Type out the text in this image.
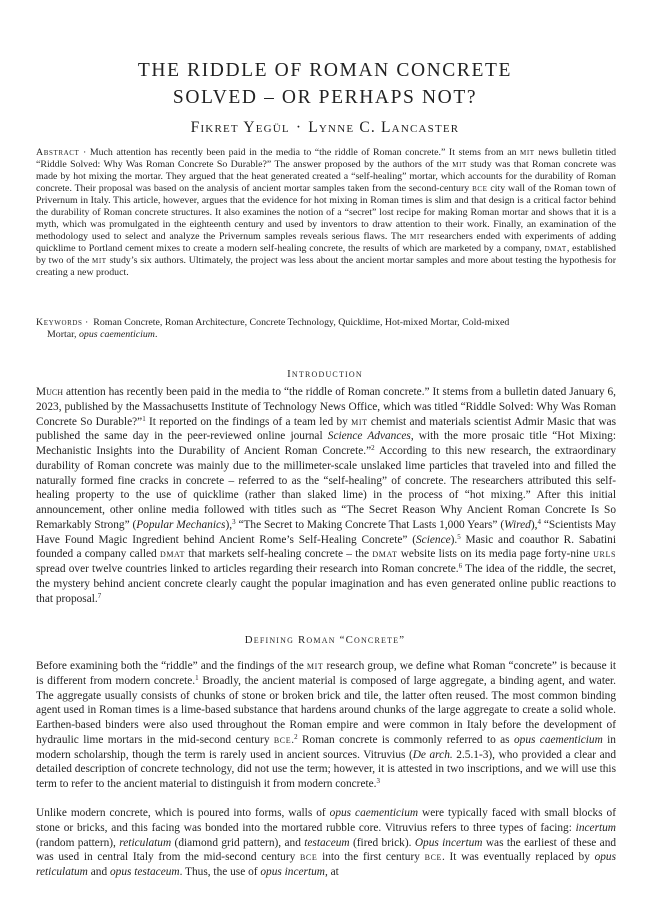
THE RIDDLE OF ROMAN CONCRETE
SOLVED – OR PERHAPS NOT?
Fikret Yegül · Lynne C. Lancaster
Abstract · Much attention has recently been paid in the media to “the riddle of Roman concrete.” It stems from an mit news bulletin titled “Riddle Solved: Why Was Roman Concrete So Durable?” The answer proposed by the authors of the mit study was that Roman concrete was made by hot mixing the mortar. They argued that the heat generated created a “self-healing” mortar, which accounts for the durability of Roman concrete. Their proposal was based on the analysis of ancient mortar samples taken from the second-century bce city wall of the Roman town of Privernum in Italy. This article, however, argues that the evidence for hot mixing in Roman times is slim and that design is a critical factor behind the durability of Roman concrete structures. It also examines the notion of a “secret” lost recipe for making Roman mortar and shows that it is a myth, which was promulgated in the eighteenth century and used by inventors to draw attention to their work. Finally, an examination of the methodology used to select and analyze the Privernum samples reveals serious flaws. The mit researchers ended with experiments of adding quicklime to Portland cement mixes to create a modern self-healing concrete, the results of which are marketed by a company, dmat, established by two of the mit study’s six authors. Ultimately, the project was less about the ancient mortar samples and more about testing the hypothesis for creating a new product.
Keywords · Roman Concrete, Roman Architecture, Concrete Technology, Quicklime, Hot-mixed Mortar, Cold-mixed
Mortar, opus caementicium.
Introduction

Much attention has recently been paid in the media to “the riddle of Roman concrete.” It stems from a bulletin dated January 6, 2023, published by the Massachusetts Institute of Technology News Office, which was titled “Riddle Solved: Why Was Roman Concrete So Durable?”$^1$ It reported on the findings of a team led by mit chemist and materials scientist Admir Masic that was published the same day in the peer-reviewed online journal Science Advances, with the more prosaic title “Hot Mixing: Mechanistic Insights into the Durability of Ancient Roman Concrete.”$^2$ According to this new research, the extraordinary durability of Roman concrete was mainly due to the millimeter-scale unslaked lime particles that traveled into and filled the naturally formed fine cracks in concrete – referred to as the “self-healing” of concrete. The researchers attributed this self-healing property to the use of quicklime (rather than slaked lime) in the process of “hot mixing.” After this initial announcement, other online media followed with titles such as “The Secret Reason Why Ancient Roman Concrete Is So Remarkably Strong” (Popular Mechanics),$^3$ “The Secret to Making Concrete That Lasts 1,000 Years” (Wired),$^4$ “Scientists May Have Found Magic Ingredient behind Ancient Rome’s Self-Healing Concrete” (Science).$^5$ Masic and coauthor R. Sabatini founded a company called dmat that markets self-healing concrete – the dmat website lists on its media page forty-nine urls spread over twelve countries linked to articles regarding their research into Roman concrete.$^6$ The idea of the riddle, the secret, the mystery behind ancient concrete clearly caught the popular imagination and has even generated online public reactions to that proposal.$^7$

Defining Roman “Concrete”

Before examining both the “riddle” and the findings of the mit research group, we define what Roman “concrete” is because it is different from modern concrete.$^1$ Broadly, the ancient material is composed of large aggregate, a binding agent, and water. The aggregate usually consists of chunks of stone or broken brick and tile, the latter often reused. The most common binding agent used in Roman times is a lime-based substance that hardens around chunks of the large aggregate to create a solid whole. Earthen-based binders were also used throughout the Roman empire and were common in Italy before the development of hydraulic lime mortars in the mid-second century bce.$^2$ Roman concrete is commonly referred to as opus caementicium in modern scholarship, though the term is rarely used in ancient sources. Vitruvius (De arch. 2.5.1-3), who provided a clear and detailed description of concrete technology, did not use the term; however, it is attested in two inscriptions, and we will use this term to refer to the ancient material to distinguish it from modern concrete.$^3$

Unlike modern concrete, which is poured into forms, walls of opus caementicium were typically faced with small blocks of stone or bricks, and this facing was bonded into the mortared rubble core. Vitruvius refers to three types of facing: incertum (random pattern), reticulatum (diamond grid pattern), and testaceum (fired brick). Opus incertum was the earliest of these and was used in central Italy from the mid-second century bce into the first century bce. It was eventually replaced by opus reticulatum and opus testaceum. Thus, the use of opus incertum, at
